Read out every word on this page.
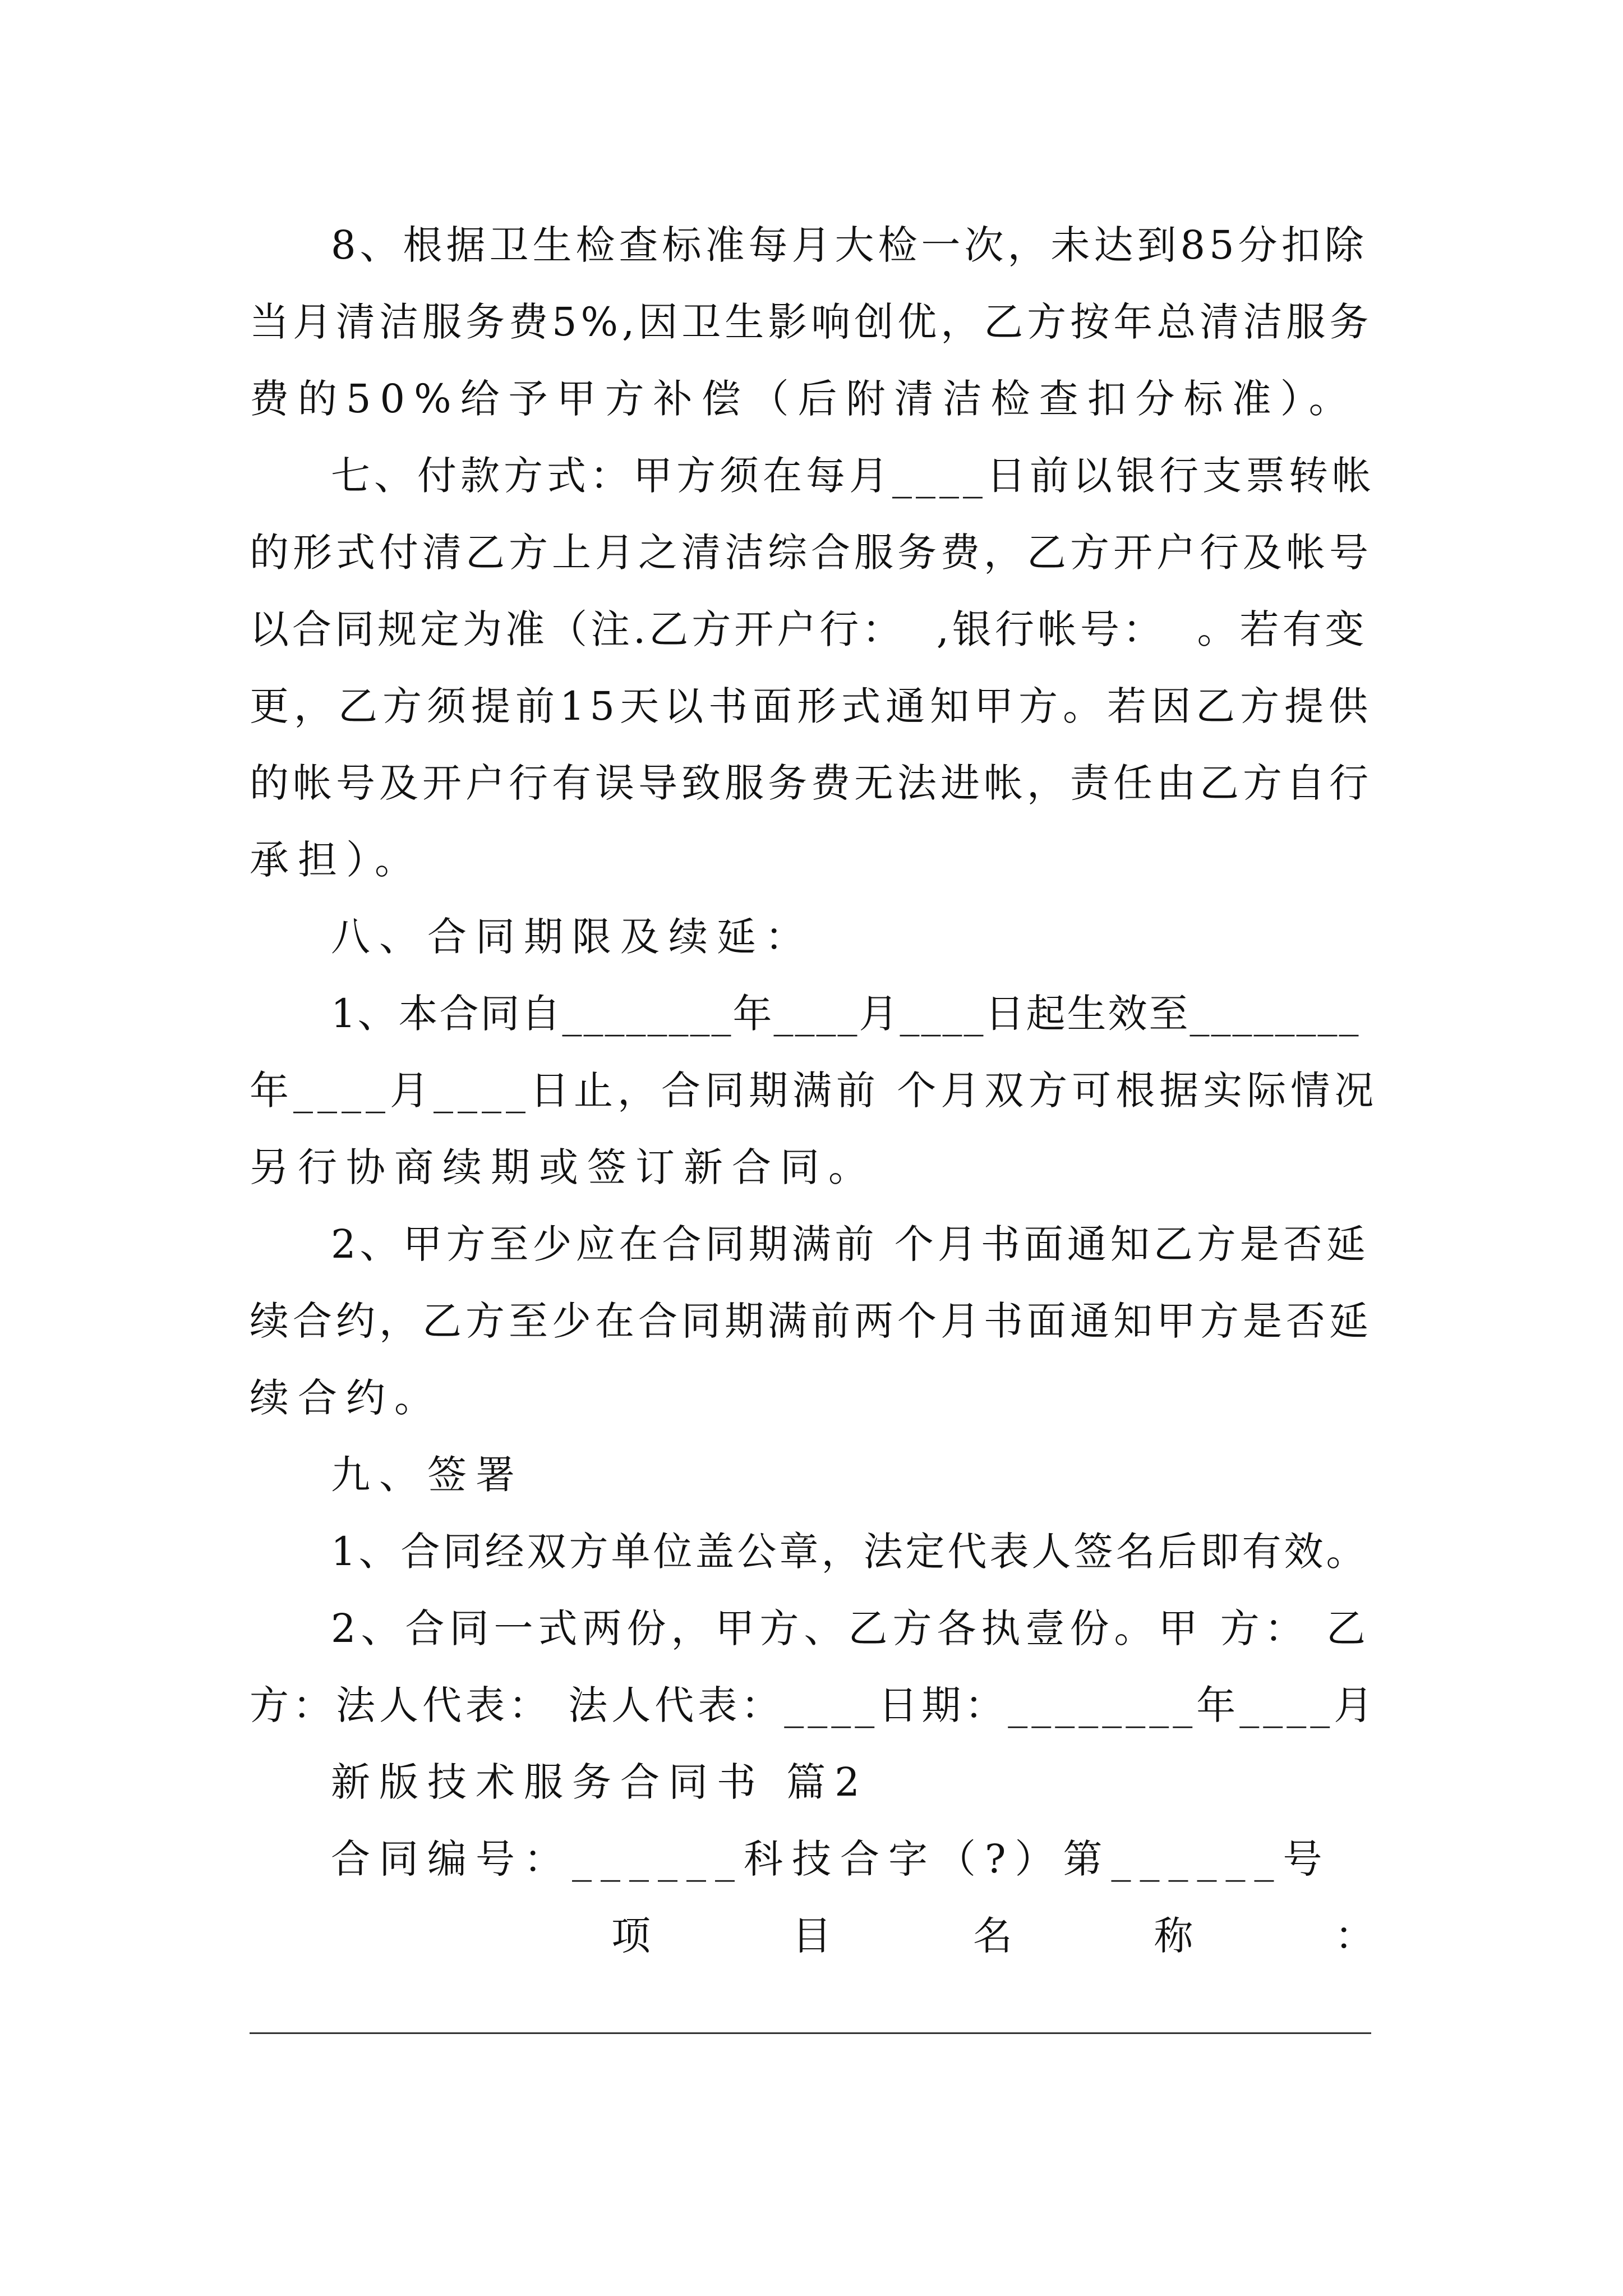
8、根据卫生检查标准每月大检一次，未达到85分扣除
当月清洁服务费5%,因卫生影响创优，乙方按年总清洁服务
费的50%给予甲方补偿（后附清洁检查扣分标准）。
七、付款方式：甲方须在每月____日前以银行支票转帐
的形式付清乙方上月之清洁综合服务费，乙方开户行及帐号
以合同规定为准（注.乙方开户行：  ,银行帐号：  。若有变
更，乙方须提前15天以书面形式通知甲方。若因乙方提供
的帐号及开户行有误导致服务费无法进帐，责任由乙方自行
承担）。
八、合同期限及续延：
1、本合同自________年____月____日起生效至________
年____月____日止，合同期满前 个月双方可根据实际情况
另行协商续期或签订新合同。
2、甲方至少应在合同期满前 个月书面通知乙方是否延
续合约，乙方至少在合同期满前两个月书面通知甲方是否延
续合约。
九、签署
1、合同经双方单位盖公章，法定代表人签名后即有效。
2、合同一式两份，甲方、乙方各执壹份。甲 方： 乙
方：法人代表： 法人代表：____日期：________年____月
新版技术服务合同书 篇2
合同编号：______科技合字（?）第______号
项	目	名	称	：
